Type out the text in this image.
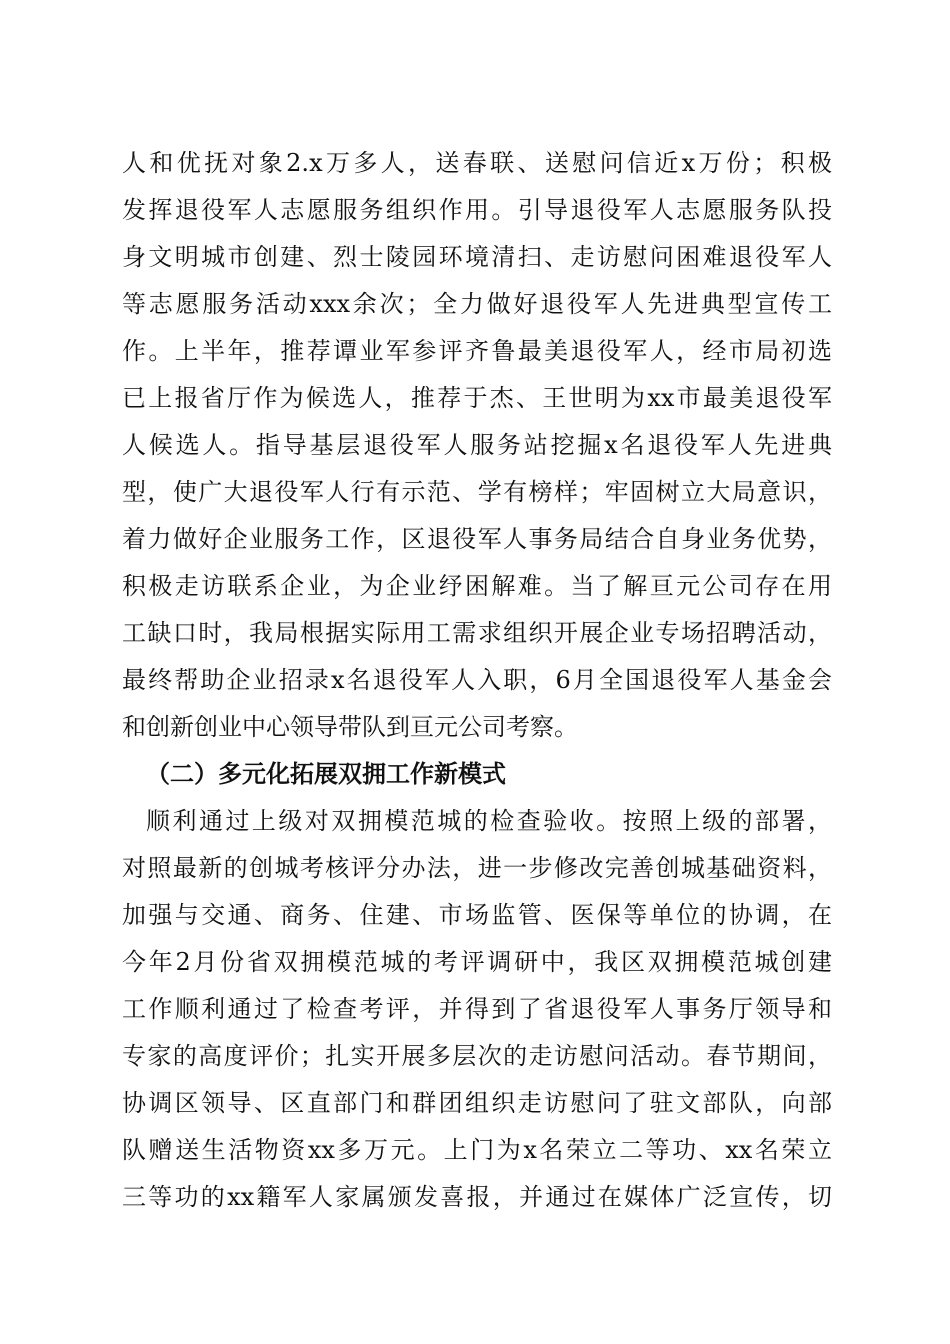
人和优抚对象2.x万多人，送春联、送慰问信近x万份；积极
发挥退役军人志愿服务组织作用。引导退役军人志愿服务队投
身文明城市创建、烈士陵园环境清扫、走访慰问困难退役军人
等志愿服务活动xxx余次；全力做好退役军人先进典型宣传工
作。上半年，推荐谭业军参评齐鲁最美退役军人，经市局初选
已上报省厅作为候选人，推荐于杰、王世明为xx市最美退役军
人候选人。指导基层退役军人服务站挖掘x名退役军人先进典
型，使广大退役军人行有示范、学有榜样；牢固树立大局意识，
着力做好企业服务工作，区退役军人事务局结合自身业务优势，
积极走访联系企业，为企业纾困解难。当了解亘元公司存在用
工缺口时，我局根据实际用工需求组织开展企业专场招聘活动，
最终帮助企业招录x名退役军人入职，6月全国退役军人基金会
和创新创业中心领导带队到亘元公司考察。
（二）多元化拓展双拥工作新模式
顺利通过上级对双拥模范城的检查验收。按照上级的部署，
对照最新的创城考核评分办法，进一步修改完善创城基础资料，
加强与交通、商务、住建、市场监管、医保等单位的协调，在
今年2月份省双拥模范城的考评调研中，我区双拥模范城创建
工作顺利通过了检查考评，并得到了省退役军人事务厅领导和
专家的高度评价；扎实开展多层次的走访慰问活动。春节期间，
协调区领导、区直部门和群团组织走访慰问了驻文部队，向部
队赠送生活物资xx多万元。上门为x名荣立二等功、xx名荣立
三等功的xx籍军人家属颁发喜报，并通过在媒体广泛宣传，切
